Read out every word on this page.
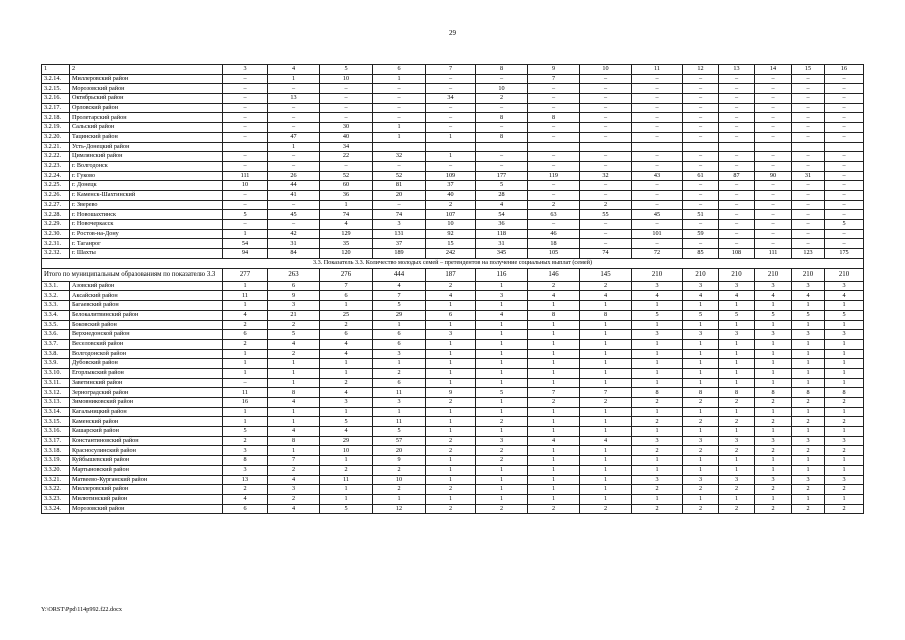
29
1	2	3	4	5	6	7	8	9	10	11	12	13	14	15	16
3.2.14.	Миллеровский район	–	1	10	1	–	–	7	–	–	–	–	–	–	–
3.2.15.	Морозовский район	–	–	–	–	–	10	–	–	–	–	–	–	–	–
3.2.16.	Октябрьский район	–	13	–	–	34	2	–	–	–	–	–	–	–	–
3.2.17.	Орловский район	–	–	–	–	–	–	–	–	–	–	–	–	–	–
3.2.18.	Пролетарский район	–	–	–	–	–	8	8	–	–	–	–	–	–	–
3.2.19.	Сальский район	–	–	30	1	–	–	–	–	–	–	–	–	–	–
3.2.20.	Тацинский район	–	47	40	1	1	8	–	–	–	–	–	–	–	–
3.2.21.	Усть-Донецкий район		1	34											
3.2.22.	Цимлянский район	–	–	22	32	1	–	–	–	–	–	–	–	–	–
3.2.23.	г. Волгодонск	–	–	–	–	–	–	–	–	–	–	–	–	–	–
3.2.24.	г. Гуково	111	26	52	52	109	177	119	32	43	61	87	90	31	–
3.2.25.	г. Донецк	10	44	60	81	37	5	–	–	–	–	–	–	–	–
3.2.26.	г. Каменск-Шахтинский	–	41	36	20	40	28	–	–	–	–	–	–	–	–
3.2.27.	г. Зверево	–	–	1	–	2	4	2	2	–	–	–	–	–	–
3.2.28.	г. Новошахтинск	5	45	74	74	107	54	63	55	45	51	–	–	–	–
3.2.29.	г. Новочеркасск	–	–	4	3	10	36	–	–	–	–	–	–	–	5
3.2.30.	г. Ростов-на-Дону	1	42	129	131	92	118	46	–	101	59	–	–	–	–
3.2.31.	г. Таганрог	54	31	35	37	15	31	18	–	–	–	–	–	–	–
3.2.32.	г. Шахты	94	84	120	189	242	345	105	74	72	85	108	111	123	175
3.3. Показатель 3.3. Количество молодых семей – претендентов на получение социальных выплат (семей)															
Итого по муниципальным образованиям по показателю 3.3		277	263	276	444	187	116	146	145	210	210	210	210	210	210
3.3.1.	Азовский район	1	6	7	4	2	1	2	2	3	3	3	3	3	3
3.3.2.	Аксайский район	11	9	6	7	4	3	4	4	4	4	4	4	4	4
3.3.3.	Багаевский район	1	3	1	5	1	1	1	1	1	1	1	1	1	1
3.3.4.	Белокалитвинский район	4	21	25	29	6	4	8	8	5	5	5	5	5	5
3.3.5.	Боковский район	2	2	2	1	1	1	1	1	1	1	1	1	1	1
3.3.6.	Верхнедонской район	6	5	6	6	3	1	1	1	3	3	3	3	3	3
3.3.7.	Веселовский район	2	4	4	6	1	1	1	1	1	1	1	1	1	1
3.3.8.	Волгодонской район	1	2	4	3	1	1	1	1	1	1	1	1	1	1
3.3.9.	Дубовский район	1	1	1	1	1	1	1	1	1	1	1	1	1	1
3.3.10.	Егорлыкский район	1	1	1	2	1	1	1	1	1	1	1	1	1	1
3.3.11.	Заветинский район	–	1	2	6	1	1	1	1	1	1	1	1	1	1
3.3.12.	Зерноградский район	11	8	4	11	9	5	7	7	8	8	8	8	8	8
3.3.13.	Зимовниковский район	16	4	3	3	2	1	2	2	2	2	2	2	2	2
3.3.14.	Кагальницкий район	1	1	1	1	1	1	1	1	1	1	1	1	1	1
3.3.15.	Каменский район	1	1	5	11	1	2	1	1	2	2	2	2	2	2
3.3.16.	Кашарский район	5	4	4	5	1	1	1	1	1	1	1	1	1	1
3.3.17.	Константиновский район	2	8	29	57	2	3	4	4	3	3	3	3	3	3
3.3.18.	Красносулинский район	3	1	10	20	2	2	1	1	2	2	2	2	2	2
3.3.19.	Куйбышевский район	8	7	1	9	1	2	1	1	1	1	1	1	1	1
3.3.20.	Мартыновский район	3	2	2	2	1	1	1	1	1	1	1	1	1	1
3.3.21.	Матвеево-Курганский район	13	4	11	10	1	1	1	1	3	3	3	3	3	3
3.3.22.	Миллеровский район	2	3	1	2	2	1	1	1	2	2	2	2	2	2
3.3.23.	Милютинский район	4	2	1	1	1	1	1	1	1	1	1	1	1	1
3.3.24.	Морозовский район	6	4	5	12	2	2	2	2	2	2	2	2	2	2
Y:\ORST\Ppd\114p992.f22.docx
